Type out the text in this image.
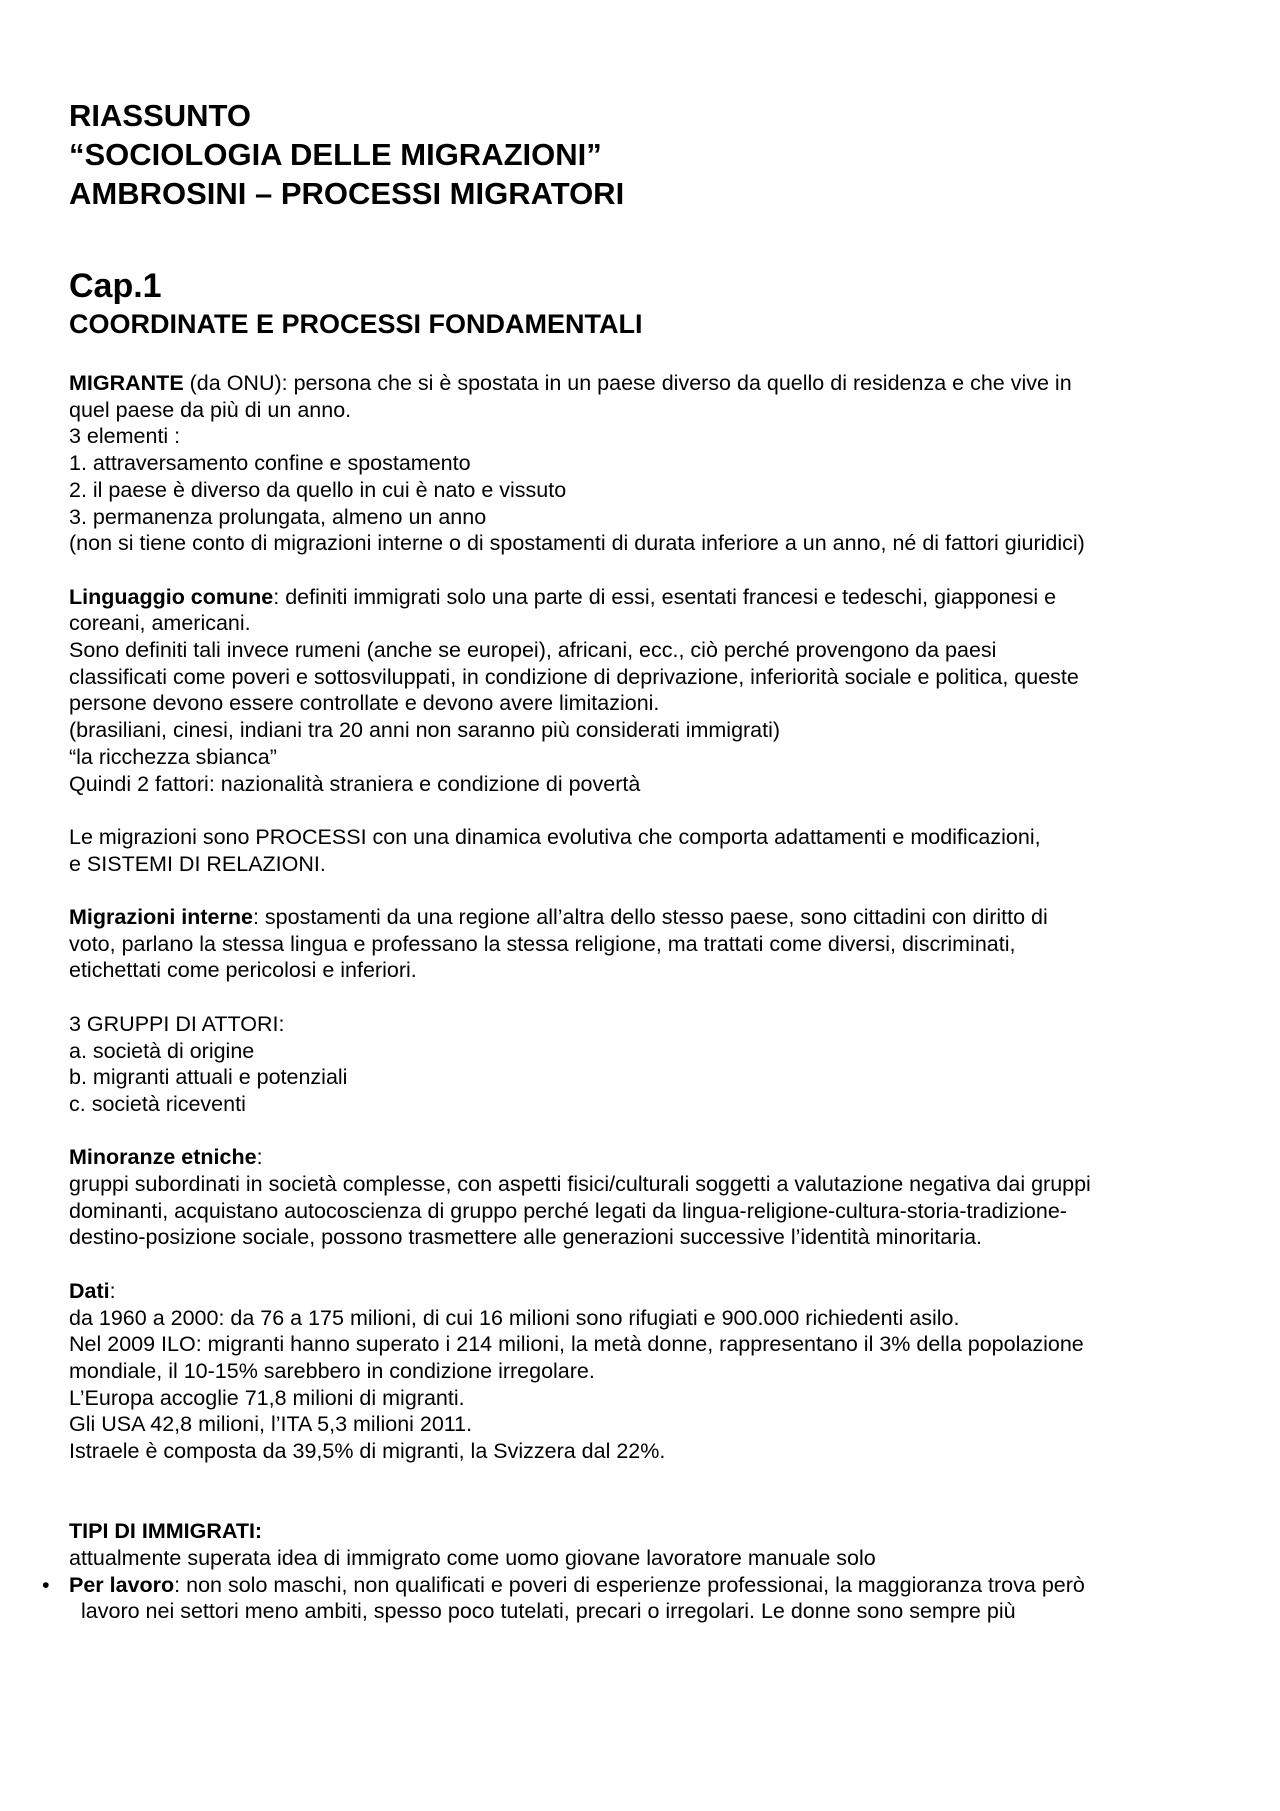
RIASSUNTO
“SOCIOLOGIA DELLE MIGRAZIONI”
AMBROSINI – PROCESSI MIGRATORI
Cap.1
COORDINATE E PROCESSI FONDAMENTALI

MIGRANTE (da ONU): persona che si è spostata in un paese diverso da quello di residenza e che vive in

quel paese da più di un anno.

3 elementi :

1. attraversamento confine e spostamento

2. il paese è diverso da quello in cui è nato e vissuto

3. permanenza prolungata, almeno un anno

(non si tiene conto di migrazioni interne o di spostamenti di durata inferiore a un anno, né di fattori giuridici)

Linguaggio comune: definiti immigrati solo una parte di essi, esentati francesi e tedeschi, giapponesi e

coreani, americani.

Sono definiti tali invece rumeni (anche se europei), africani, ecc., ciò perché provengono da paesi

classificati come poveri e sottosviluppati, in condizione di deprivazione, inferiorità sociale e politica, queste

persone devono essere controllate e devono avere limitazioni.

(brasiliani, cinesi, indiani tra 20 anni non saranno più considerati immigrati)

“la ricchezza sbianca”

Quindi 2 fattori: nazionalità straniera e condizione di povertà

Le migrazioni sono PROCESSI con una dinamica evolutiva che comporta adattamenti e modificazioni,

e SISTEMI DI RELAZIONI.

Migrazioni interne: spostamenti da una regione all’altra dello stesso paese, sono cittadini con diritto di

voto, parlano la stessa lingua e professano la stessa religione, ma trattati come diversi, discriminati,

etichettati come pericolosi e inferiori.

3 GRUPPI DI ATTORI:

a. società di origine

b. migranti attuali e potenziali

c. società riceventi

Minoranze etniche:

gruppi subordinati in società complesse, con aspetti fisici/culturali soggetti a valutazione negativa dai gruppi

dominanti, acquistano autocoscienza di gruppo perché legati da lingua-religione-cultura-storia-tradizione-

destino-posizione sociale, possono trasmettere alle generazioni successive l’identità minoritaria.

Dati:

da 1960 a 2000: da 76 a 175 milioni, di cui 16 milioni sono rifugiati e 900.000 richiedenti asilo.

Nel 2009 ILO: migranti hanno superato i 214 milioni, la metà donne, rappresentano il 3% della popolazione

mondiale, il 10-15% sarebbero in condizione irregolare.

L’Europa accoglie 71,8 milioni di migranti.

Gli USA 42,8 milioni, l’ITA 5,3 milioni 2011.

Istraele è composta da 39,5% di migranti, la Svizzera dal 22%.

TIPI DI IMMIGRATI:

attualmente superata idea di immigrato come uomo giovane lavoratore manuale solo

• Per lavoro: non solo maschi, non qualificati e poveri di esperienze professionai, la maggioranza trova però

lavoro nei settori meno ambiti, spesso poco tutelati, precari o irregolari. Le donne sono sempre più
